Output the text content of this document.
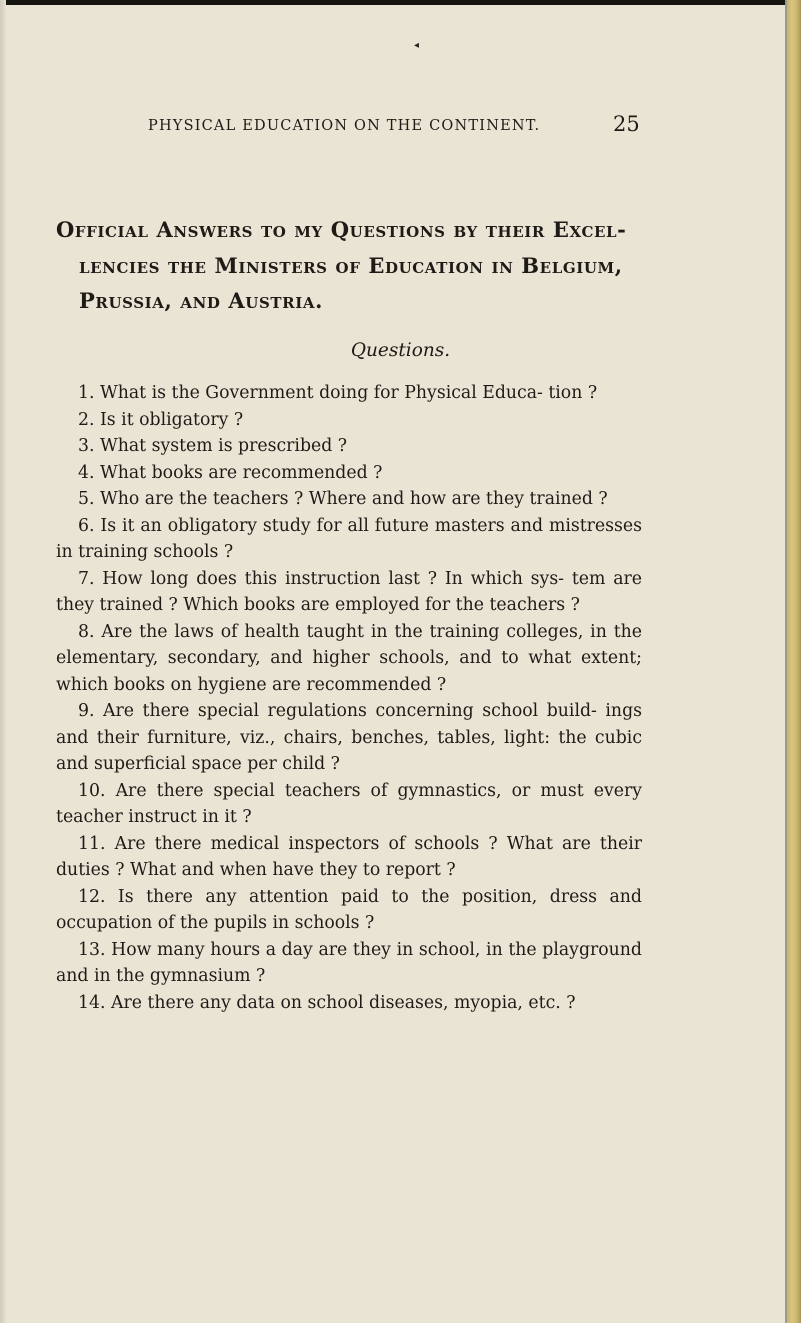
◂
PHYSICAL EDUCATION ON THE CONTINENT.	25
Official Answers to my Questions by their Excel-
lencies the Ministers of Education in Belgium,
Prussia, and Austria.
Questions.

1. What is the Government doing for Physical Educa- tion ?

2. Is it obligatory ?

3. What system is prescribed ?

4. What books are recommended ?

5. Who are the teachers ? Where and how are they trained ?

6. Is it an obligatory study for all future masters and mistresses in training schools ?

7. How long does this instruction last ? In which sys- tem are they trained ? Which books are employed for the teachers ?

8. Are the laws of health taught in the training colleges, in the elementary, secondary, and higher schools, and to what extent; which books on hygiene are recommended ?

9. Are there special regulations concerning school build- ings and their furniture, viz., chairs, benches, tables, light: the cubic and superficial space per child ?

10. Are there special teachers of gymnastics, or must every teacher instruct in it ?

11. Are there medical inspectors of schools ? What are their duties ? What and when have they to report ?

12. Is there any attention paid to the position, dress and occupation of the pupils in schools ?

13. How many hours a day are they in school, in the playground and in the gymnasium ?

14. Are there any data on school diseases, myopia, etc. ?
